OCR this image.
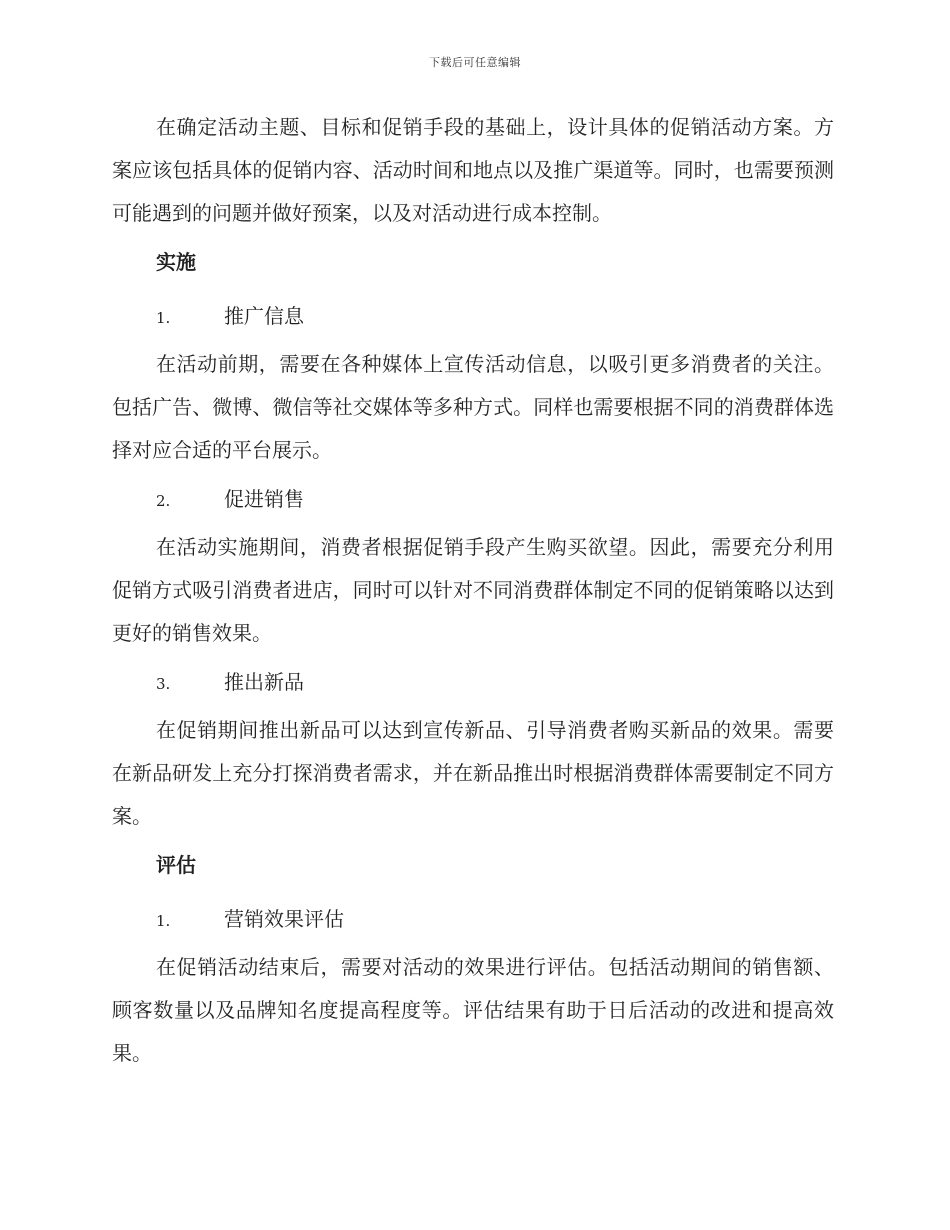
下载后可任意编辑

在确定活动主题、目标和促销手段的基础上，设计具体的促销活动方案。方案应该包括具体的促销内容、活动时间和地点以及推广渠道等。同时，也需要预测可能遇到的问题并做好预案，以及对活动进行成本控制。

实施
1.	推广信息

在活动前期，需要在各种媒体上宣传活动信息，以吸引更多消费者的关注。包括广告、微博、微信等社交媒体等多种方式。同样也需要根据不同的消费群体选择对应合适的平台展示。

2.	促进销售

在活动实施期间，消费者根据促销手段产生购买欲望。因此，需要充分利用促销方式吸引消费者进店，同时可以针对不同消费群体制定不同的促销策略以达到更好的销售效果。

3.	推出新品

在促销期间推出新品可以达到宣传新品、引导消费者购买新品的效果。需要在新品研发上充分打探消费者需求，并在新品推出时根据消费群体需要制定不同方案。

评估
1.	营销效果评估

在促销活动结束后，需要对活动的效果进行评估。包括活动期间的销售额、顾客数量以及品牌知名度提高程度等。评估结果有助于日后活动的改进和提高效果。
